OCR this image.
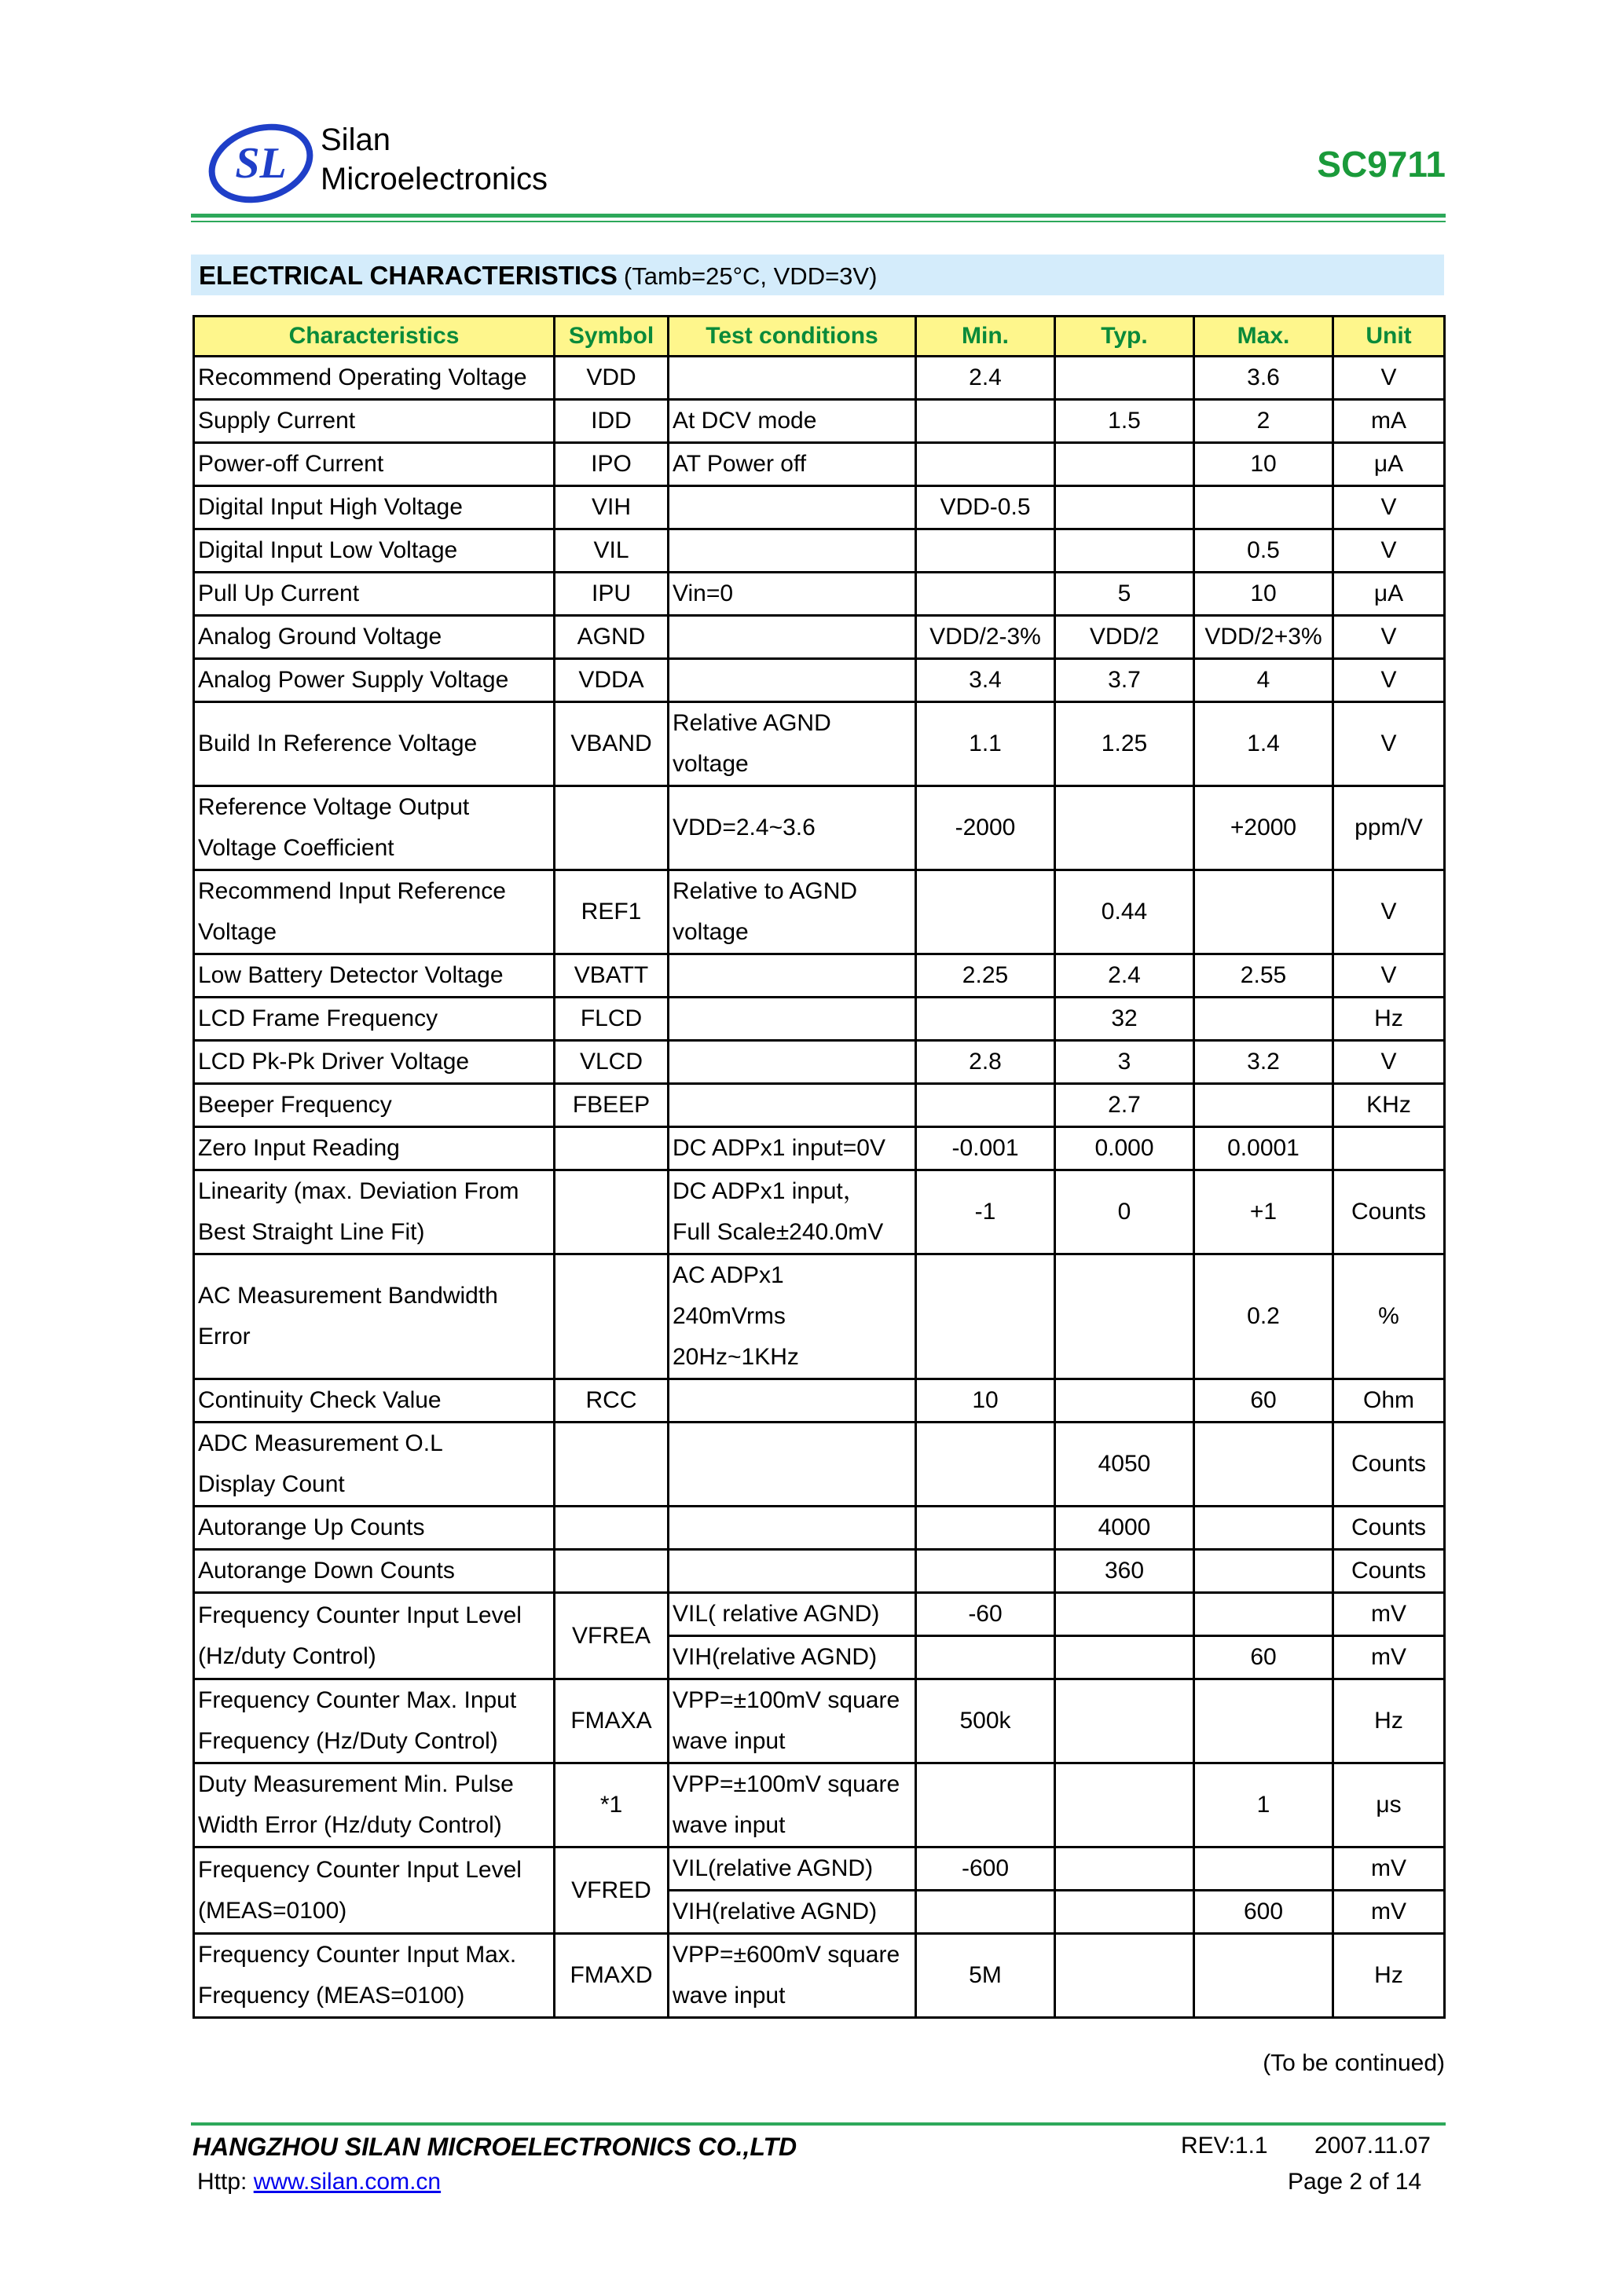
SL Silan
Microelectronics	SC9711
ELECTRICAL CHARACTERISTICS (Tamb=25°C, VDD=3V)
Characteristics	Symbol	Test conditions	Min.	Typ.	Max.	Unit

Recommend Operating Voltage	VDD		2.4		3.6	V

Supply Current	IDD	At DCV mode		1.5	2	mA

Power-off Current	IPO	AT Power off			10	μA

Digital Input High Voltage	VIH		VDD-0.5			V

Digital Input Low Voltage	VIL				0.5	V

Pull Up Current	IPU	Vin=0		5	10	μA

Analog Ground Voltage	AGND		VDD/2-3%	VDD/2	VDD/2+3%	V

Analog Power Supply Voltage	VDDA		3.4	3.7	4	V

Build In Reference Voltage	VBAND	Relative AGND
voltage	1.1	1.25	1.4	V

Reference Voltage Output
Voltage Coefficient		VDD=2.4~3.6	-2000		+2000	ppm/V

Recommend Input Reference
Voltage	REF1	Relative to AGND
voltage		0.44		V

Low Battery Detector Voltage	VBATT		2.25	2.4	2.55	V

LCD Frame Frequency	FLCD			32		Hz

LCD Pk-Pk Driver Voltage	VLCD		2.8	3	3.2	V

Beeper Frequency	FBEEP			2.7		KHz

Zero Input Reading		DC ADPx1 input=0V	-0.001	0.000	0.0001	

Linearity (max. Deviation From
Best Straight Line Fit)		DC ADPx1 input，
Full Scale±240.0mV	-1	0	+1	Counts

AC Measurement Bandwidth
Error		AC ADPx1
240mVrms
20Hz~1KHz			0.2	%

Continuity Check Value	RCC		10		60	Ohm

ADC Measurement O.L
Display Count				4050		Counts

Autorange Up Counts				4000		Counts

Autorange Down Counts				360		Counts

Frequency Counter Input Level
(Hz/duty Control)	VFREA	VIL( relative AGND)	-60			mV
		VIH(relative AGND)			60	mV

Frequency Counter Max. Input
Frequency (Hz/Duty Control)	FMAXA	VPP=±100mV square
wave input	500k			Hz

Duty Measurement Min. Pulse
Width Error (Hz/duty Control)	*1	VPP=±100mV square
wave input			1	μs

Frequency Counter Input Level
(MEAS=0100)	VFRED	VIL(relative AGND)	-600			mV
		VIH(relative AGND)			600	mV

Frequency Counter Input Max.
Frequency (MEAS=0100)	FMAXD	VPP=±600mV square
wave input	5M			Hz
(To be continued)
HANGZHOU SILAN MICROELECTRONICS CO.,LTD	REV:1.1 2007.11.07
Http: www.silan.com.cn	Page 2 of 14
